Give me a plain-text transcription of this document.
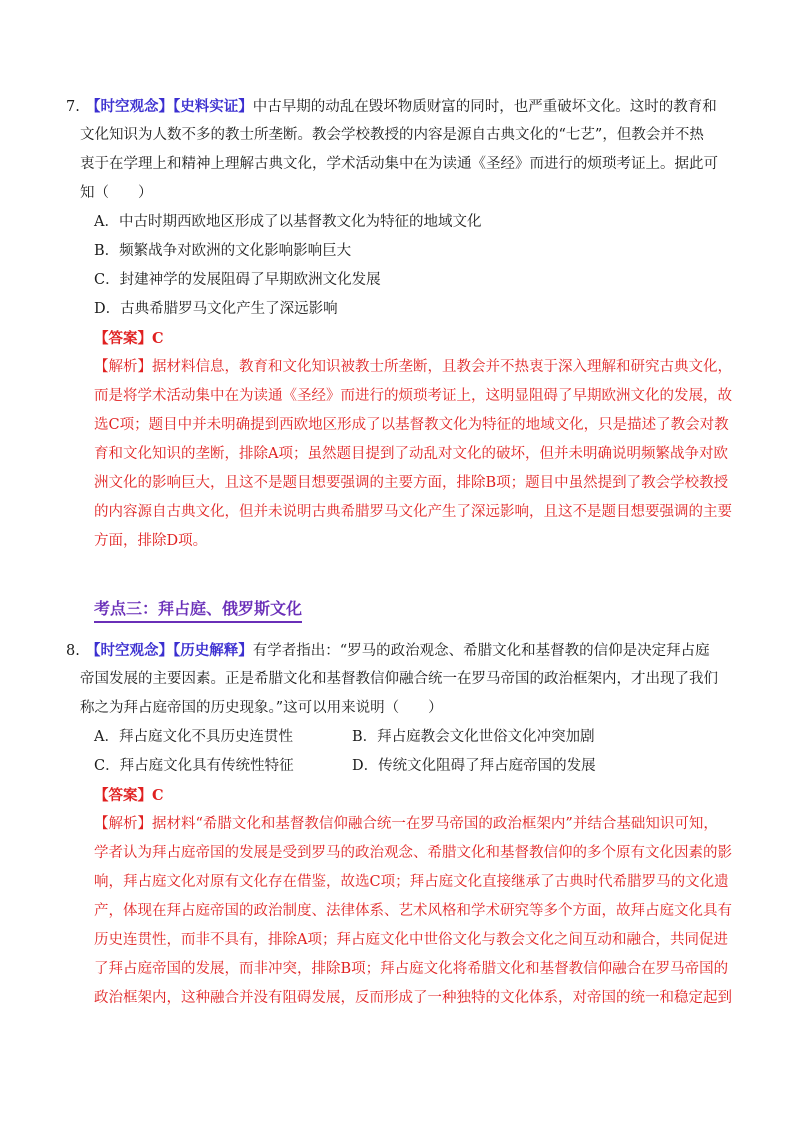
7. 【时空观念】【史料实证】中古早期的动乱在毁坏物质财富的同时，也严重破坏文化。这时的教育和
文化知识为人数不多的教士所垄断。教会学校教授的内容是源自古典文化的“七艺”，但教会并不热
衷于在学理上和精神上理解古典文化，学术活动集中在为读通《圣经》而进行的烦琐考证上。据此可
知（　　）
A．中古时期西欧地区形成了以基督教文化为特征的地域文化
B．频繁战争对欧洲的文化影响影响巨大
C．封建神学的发展阻碍了早期欧洲文化发展
D．古典希腊罗马文化产生了深远影响
【答案】C
【解析】据材料信息，教育和文化知识被教士所垄断，且教会并不热衷于深入理解和研究古典文化，
而是将学术活动集中在为读通《圣经》而进行的烦琐考证上，这明显阻碍了早期欧洲文化的发展，故
选C项；题目中并未明确提到西欧地区形成了以基督教文化为特征的地域文化，只是描述了教会对教
育和文化知识的垄断，排除A项；虽然题目提到了动乱对文化的破坏，但并未明确说明频繁战争对欧
洲文化的影响巨大，且这不是题目想要强调的主要方面，排除B项；题目中虽然提到了教会学校教授
的内容源自古典文化，但并未说明古典希腊罗马文化产生了深远影响，且这不是题目想要强调的主要
方面，排除D项。
考点三：拜占庭、俄罗斯文化
8. 【时空观念】【历史解释】有学者指出：“罗马的政治观念、希腊文化和基督教的信仰是决定拜占庭
帝国发展的主要因素。正是希腊文化和基督教信仰融合统一在罗马帝国的政治框架内，才出现了我们
称之为拜占庭帝国的历史现象。”这可以用来说明（　　）
A．拜占庭文化不具历史连贯性	B．拜占庭教会文化世俗文化冲突加剧
C．拜占庭文化具有传统性特征	D．传统文化阻碍了拜占庭帝国的发展
【答案】C
【解析】据材料“希腊文化和基督教信仰融合统一在罗马帝国的政治框架内”并结合基础知识可知，
学者认为拜占庭帝国的发展是受到罗马的政治观念、希腊文化和基督教信仰的多个原有文化因素的影
响，拜占庭文化对原有文化存在借鉴，故选C项；拜占庭文化直接继承了古典时代希腊罗马的文化遗
产，体现在拜占庭帝国的政治制度、法律体系、艺术风格和学术研究等多个方面，故拜占庭文化具有
历史连贯性，而非不具有，排除A项；拜占庭文化中世俗文化与教会文化之间互动和融合，共同促进
了拜占庭帝国的发展，而非冲突，排除B项；拜占庭文化将希腊文化和基督教信仰融合在罗马帝国的
政治框架内，这种融合并没有阻碍发展，反而形成了一种独特的文化体系，对帝国的统一和稳定起到
